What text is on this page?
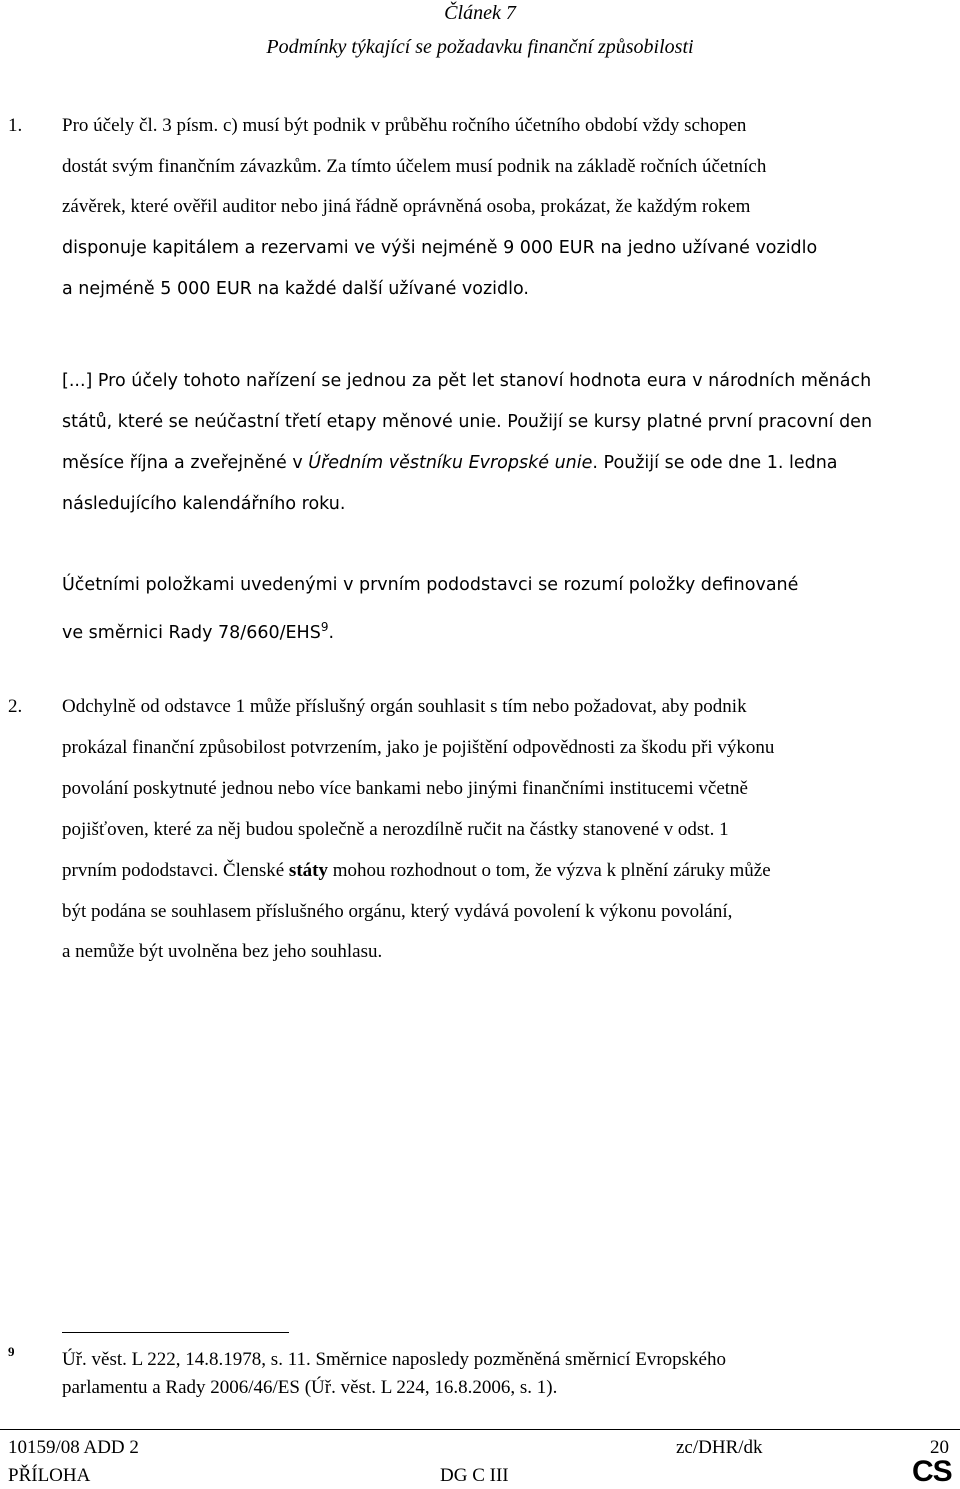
Článek 7
Podmínky týkající se požadavku finanční způsobilosti
1. Pro účely čl. 3 písm. c) musí být podnik v průběhu ročního účetního období vždy schopen
dostát svým finančním závazkům. Za tímto účelem musí podnik na základě ročních účetních
závěrek, které ověřil auditor nebo jiná řádně oprávněná osoba, prokázat, že každým rokem
disponuje kapitálem a rezervami ve výši nejméně 9 000 EUR na jedno užívané vozidlo
a nejméně 5 000 EUR na každé další užívané vozidlo.
[...] Pro účely tohoto nařízení se jednou za pět let stanoví hodnota eura v národních měnách
států, které se neúčastní třetí etapy měnové unie. Použijí se kursy platné první pracovní den
měsíce října a zveřejněné v Úředním věstníku Evropské unie. Použijí se ode dne 1. ledna
následujícího kalendářního roku.
Účetními položkami uvedenými v prvním pododstavci se rozumí položky definované
ve směrnici Rady 78/660/EHS$^9$.
2. Odchylně od odstavce 1 může příslušný orgán souhlasit s tím nebo požadovat, aby podnik
prokázal finanční způsobilost potvrzením, jako je pojištění odpovědnosti za škodu při výkonu
povolání poskytnuté jednou nebo více bankami nebo jinými finančními institucemi včetně
pojišťoven, které za něj budou společně a nerozdílně ručit na částky stanovené v odst. 1
prvním pododstavci. Členské státy mohou rozhodnout o tom, že výzva k plnění záruky může
být podána se souhlasem příslušného orgánu, který vydává povolení k výkonu povolání,
a nemůže být uvolněna bez jeho souhlasu.
9	Úř. věst. L 222, 14.8.1978, s. 11. Směrnice naposledy pozměněná směrnicí Evropského
parlamentu a Rady 2006/46/ES (Úř. věst. L 224, 16.8.2006, s. 1).
10159/08 ADD 2
PŘÍLOHA
zc/DHR/dk
DG C III
20
CS
